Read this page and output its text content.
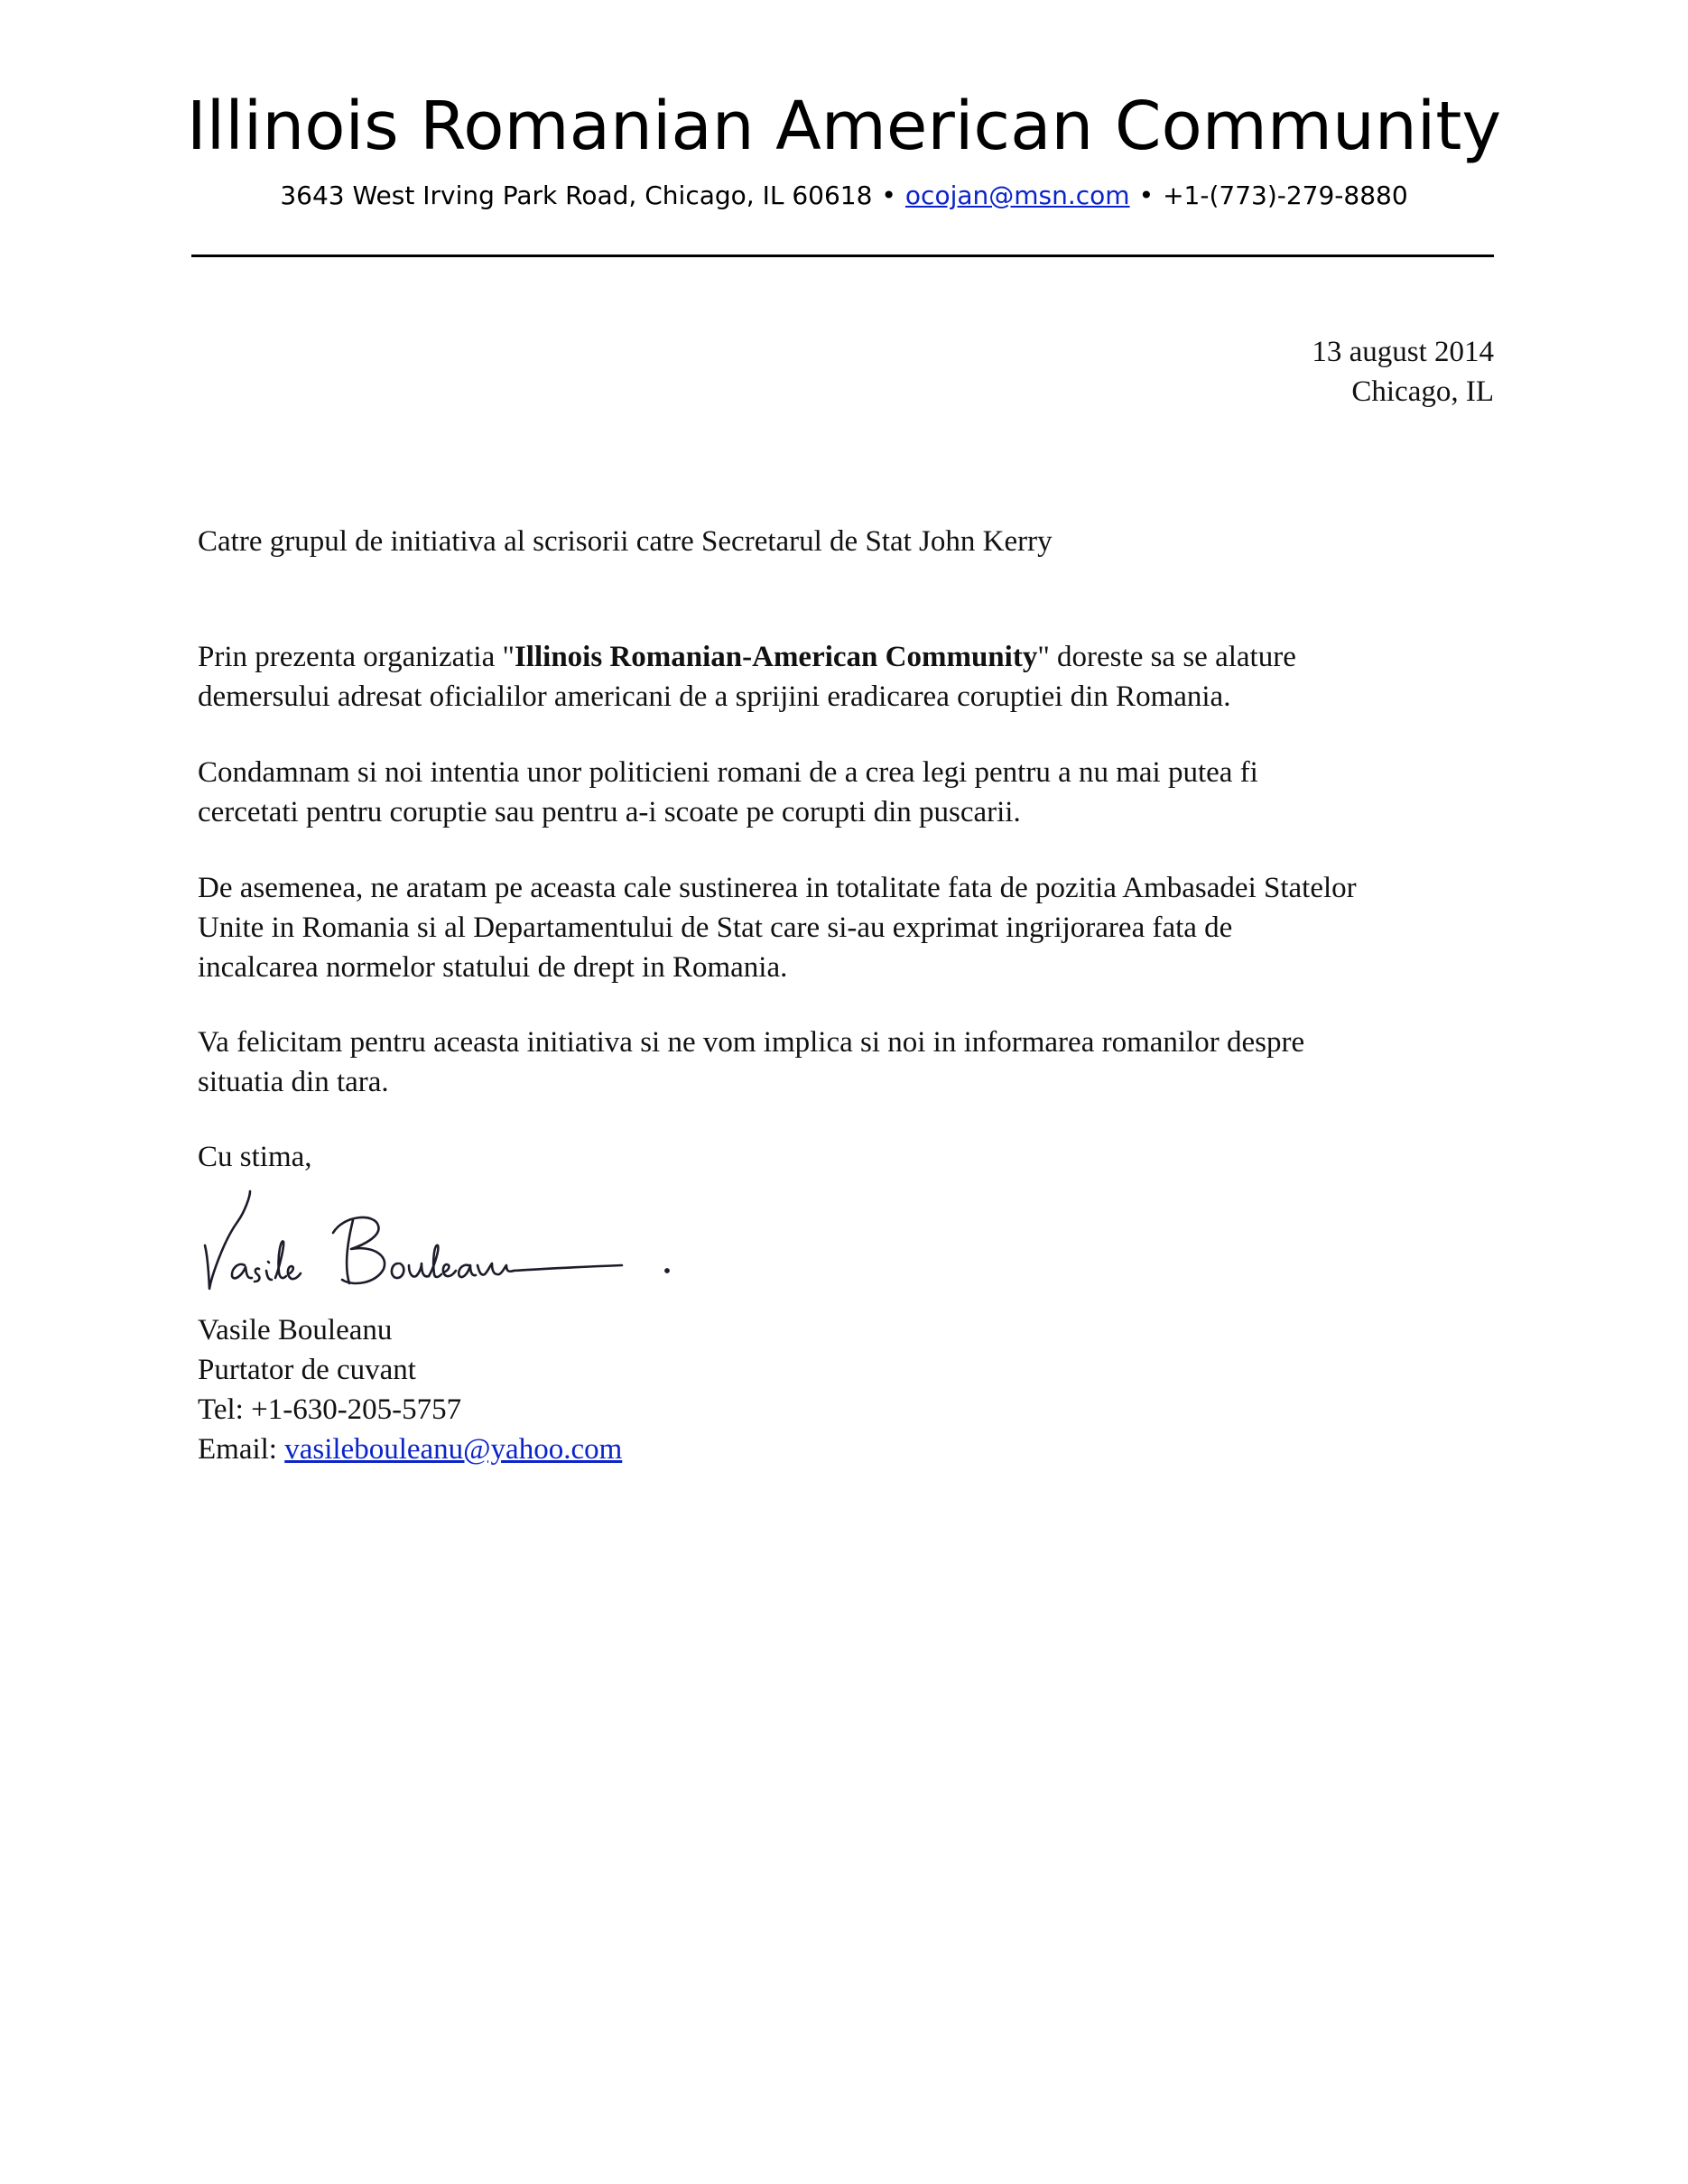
Illinois Romanian American Community
3643 West Irving Park Road, Chicago, IL 60618 • ocojan@msn.com • +1-(773)-279-8880
13 august 2014
Chicago, IL
Catre grupul de initiativa al scrisorii catre Secretarul de Stat John Kerry

Prin prezenta organizatia "Illinois Romanian-American Community" doreste sa se alature
demersului adresat oficialilor americani de a sprijini eradicarea coruptiei din Romania.

Condamnam si noi intentia unor politicieni romani de a crea legi pentru a nu mai putea fi
cercetati pentru coruptie sau pentru a-i scoate pe corupti din puscarii.

De asemenea, ne aratam pe aceasta cale sustinerea in totalitate fata de pozitia Ambasadei Statelor
Unite in Romania si al Departamentului de Stat care si-au exprimat ingrijorarea fata de
incalcarea normelor statului de drept in Romania.

Va felicitam pentru aceasta initiativa si ne vom implica si noi in informarea romanilor despre
situatia din tara.

Cu stima,
Vasile Bouleanu
Purtator de cuvant
Tel: +1-630-205-5757
Email: vasilebouleanu@yahoo.com
